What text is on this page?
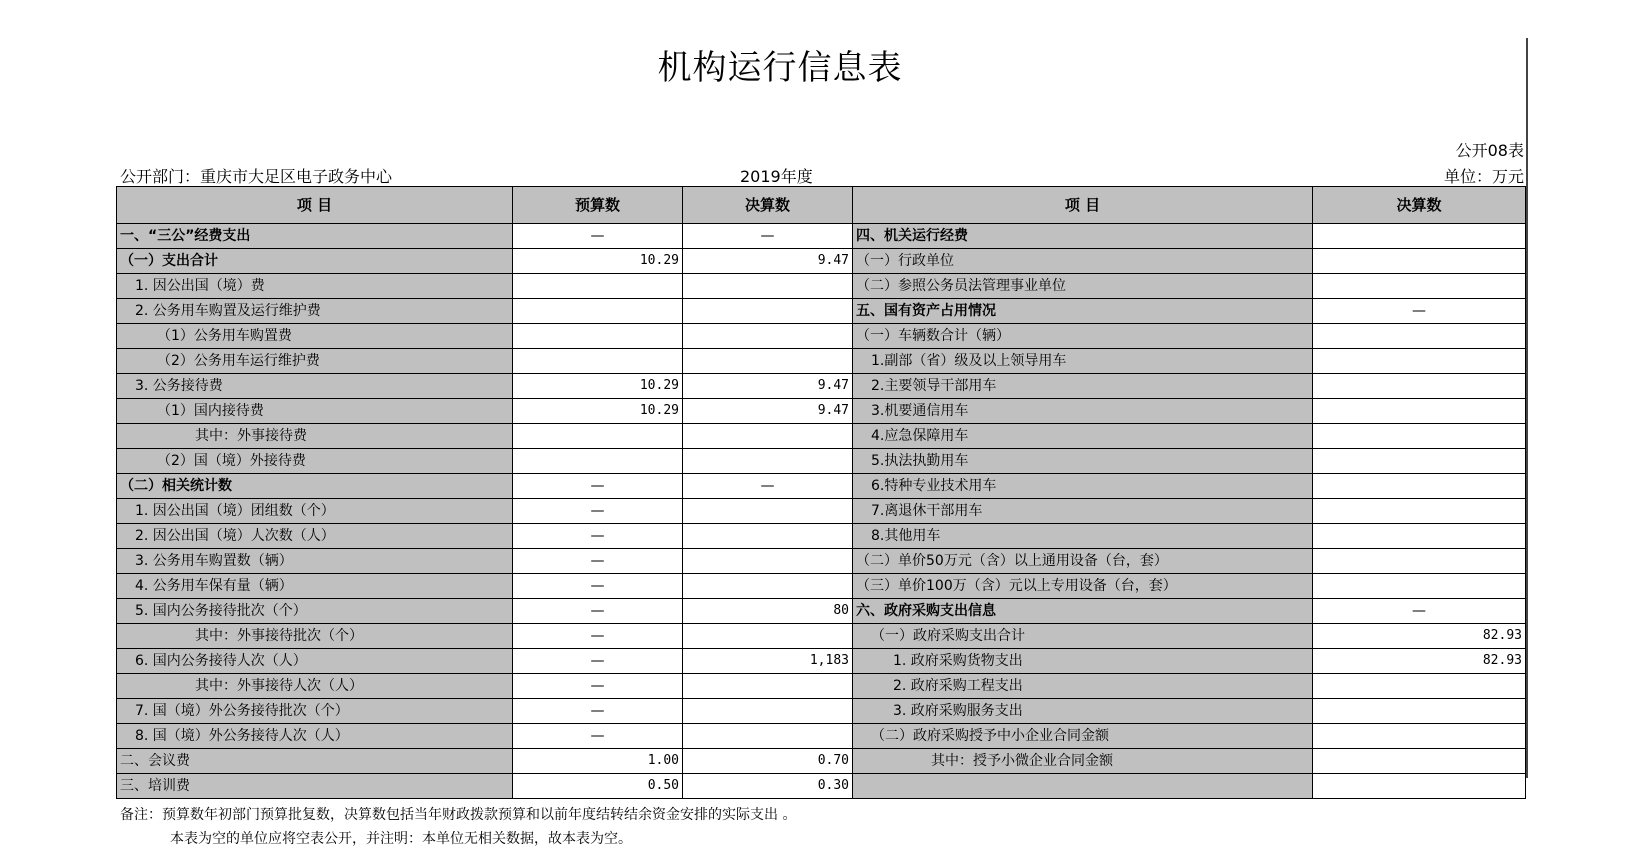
机构运行信息表
公开08表
公开部门：重庆市大足区电子政务中心	2019年度	单位：万元
项 目	预算数	决算数	项 目	决算数
一、“三公”经费支出	—	—	四、机关运行经费	
（一）支出合计	10.29	9.47	（一）行政单位	
1. 因公出国（境）费			（二）参照公务员法管理事业单位	
2. 公务用车购置及运行维护费			五、国有资产占用情况	—
（1）公务用车购置费			（一）车辆数合计（辆）	
（2）公务用车运行维护费			1.副部（省）级及以上领导用车	
3. 公务接待费	10.29	9.47	2.主要领导干部用车	
（1）国内接待费	10.29	9.47	3.机要通信用车	
其中：外事接待费			4.应急保障用车	
（2）国（境）外接待费			5.执法执勤用车	
（二）相关统计数	—	—	6.特种专业技术用车	
1. 因公出国（境）团组数（个）	—		7.离退休干部用车	
2. 因公出国（境）人次数（人）	—		8.其他用车	
3. 公务用车购置数（辆）	—		（二）单价50万元（含）以上通用设备（台，套）	
4. 公务用车保有量（辆）	—		（三）单价100万（含）元以上专用设备（台，套）	
5. 国内公务接待批次（个）	—	80	六、政府采购支出信息	—
其中：外事接待批次（个）	—		（一）政府采购支出合计	82.93
6. 国内公务接待人次（人）	—	1,183	1. 政府采购货物支出	82.93
其中：外事接待人次（人）	—		2. 政府采购工程支出	
7. 国（境）外公务接待批次（个）	—		3. 政府采购服务支出	
8. 国（境）外公务接待人次（人）	—		（二）政府采购授予中小企业合同金额	
二、会议费	1.00	0.70	其中：授予小微企业合同金额	
三、培训费	0.50	0.30		
备注：预算数年初部门预算批复数，决算数包括当年财政拨款预算和以前年度结转结余资金安排的实际支出 。
本表为空的单位应将空表公开，并注明：本单位无相关数据，故本表为空。
